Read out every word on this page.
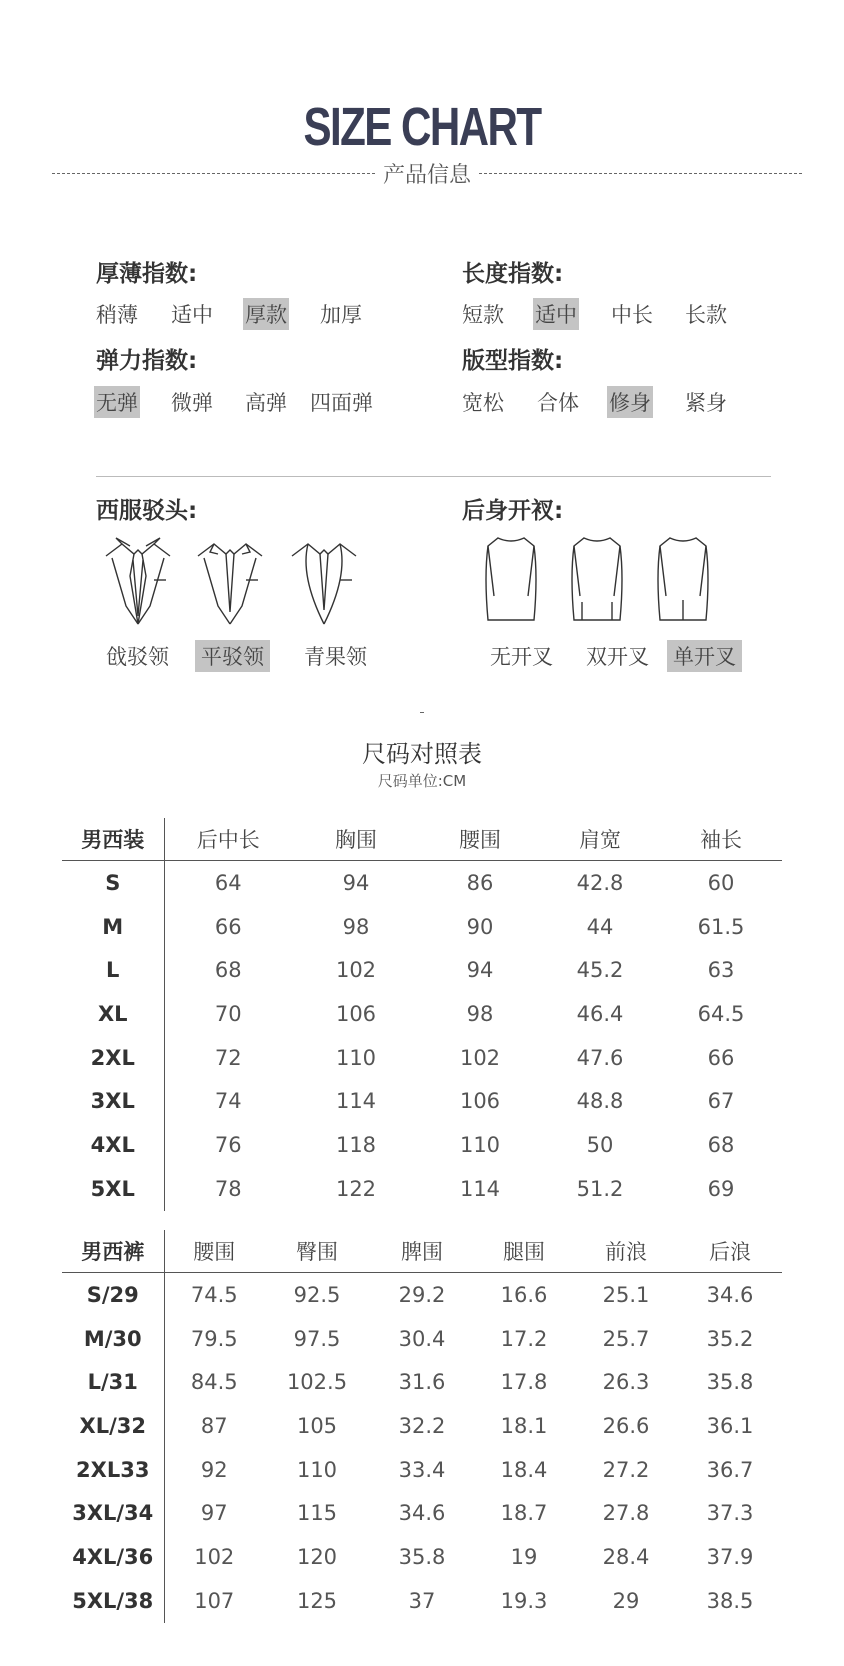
SIZE CHART
产品信息
厚薄指数:	长度指数:
弹力指数:	版型指数:
稍薄 适中 厚款 加厚	短款 适中 中长 长款
无弹 微弹 高弹 四面弹	宽松 合体 修身 紧身
西服驳头:	后身开衩:
戗驳领 平驳领 青果领	无开叉 双开叉 单开叉
尺码对照表
尺码单位:CM
男西装	后中长	胸围	腰围	肩宽	袖长
S	64	94	86	42.8	60
M	66	98	90	44	61.5
L	68	102	94	45.2	63
XL	70	106	98	46.4	64.5
2XL	72	110	102	47.6	66
3XL	74	114	106	48.8	67
4XL	76	118	110	50	68
5XL	78	122	114	51.2	69
男西裤	腰围	臀围	脾围	腿围	前浪	后浪
S/29	74.5	92.5	29.2	16.6	25.1	34.6
M/30	79.5	97.5	30.4	17.2	25.7	35.2
L/31	84.5	102.5	31.6	17.8	26.3	35.8
XL/32	87	105	32.2	18.1	26.6	36.1
2XL33	92	110	33.4	18.4	27.2	36.7
3XL/34	97	115	34.6	18.7	27.8	37.3
4XL/36	102	120	35.8	19	28.4	37.9
5XL/38	107	125	37	19.3	29	38.5
